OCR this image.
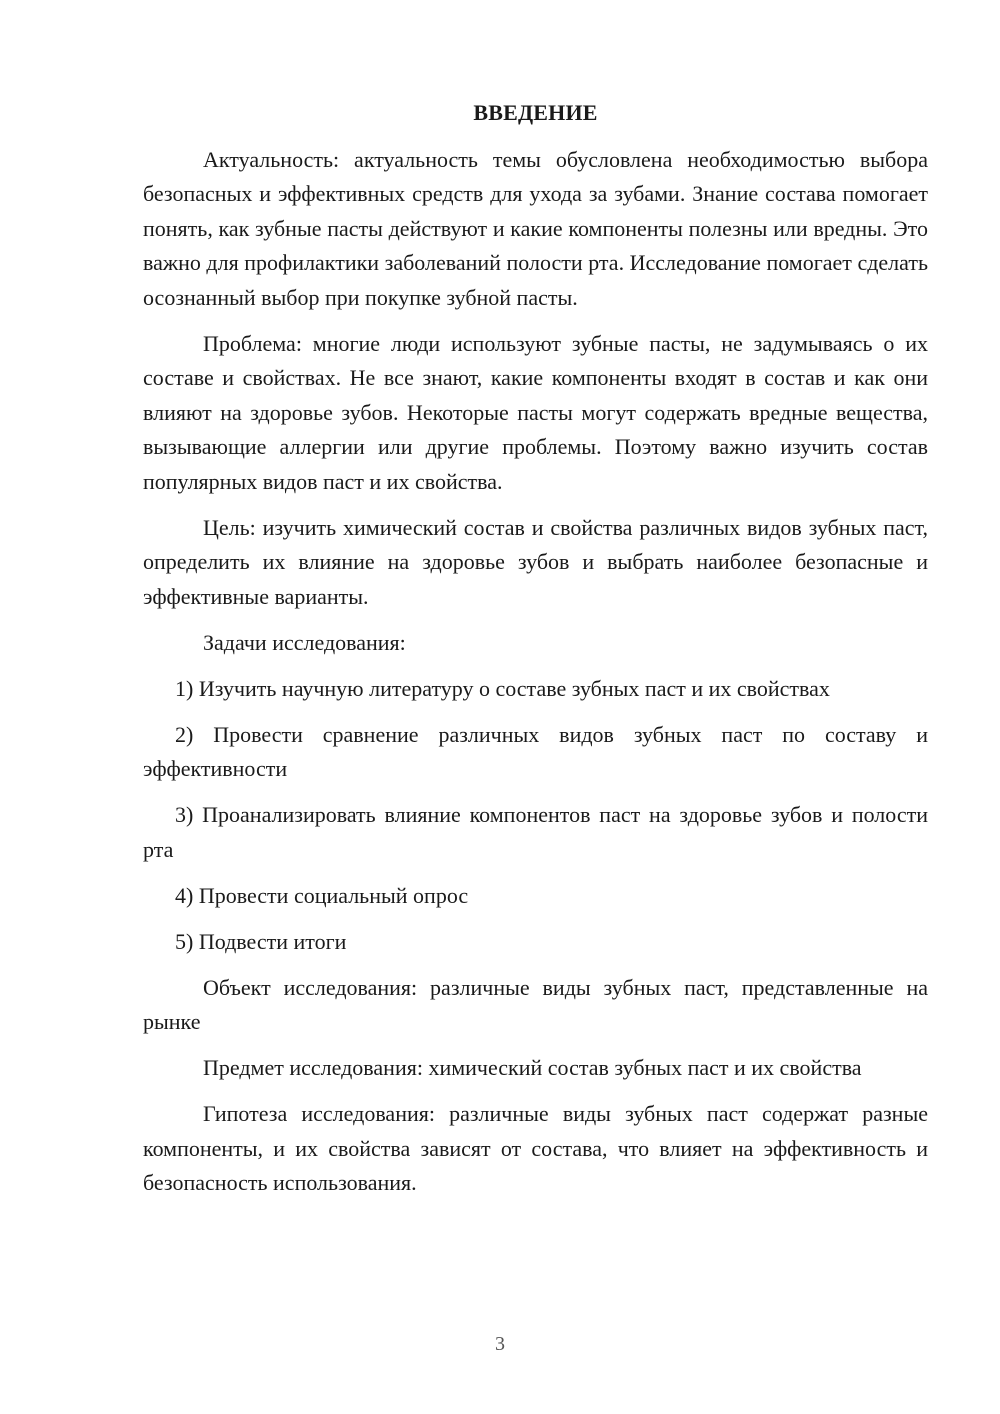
ВВЕДЕНИЕ

Актуальность: актуальность темы обусловлена необходимостью выбора безопасных и эффективных средств для ухода за зубами. Знание состава помогает понять, как зубные пасты действуют и какие компоненты полезны или вредны. Это важно для профилактики заболеваний полости рта. Исследование помогает сделать осознанный выбор при покупке зубной пасты.

Проблема: многие люди используют зубные пасты, не задумываясь о их составе и свойствах. Не все знают, какие компоненты входят в состав и как они влияют на здоровье зубов. Некоторые пасты могут содержать вредные вещества, вызывающие аллергии или другие проблемы. Поэтому важно изучить состав популярных видов паст и их свойства.

Цель: изучить химический состав и свойства различных видов зубных паст, определить их влияние на здоровье зубов и выбрать наиболее безопасные и эффективные варианты.

Задачи исследования:

1) Изучить научную литературу о составе зубных паст и их свойствах

2) Провести сравнение различных видов зубных паст по составу и эффективности

3) Проанализировать влияние компонентов паст на здоровье зубов и полости рта

4) Провести социальный опрос

5) Подвести итоги

Объект исследования: различные виды зубных паст, представленные на рынке

Предмет исследования: химический состав зубных паст и их свойства

Гипотеза исследования: различные виды зубных паст содержат разные компоненты, и их свойства зависят от состава, что влияет на эффективность и безопасность использования.

3
